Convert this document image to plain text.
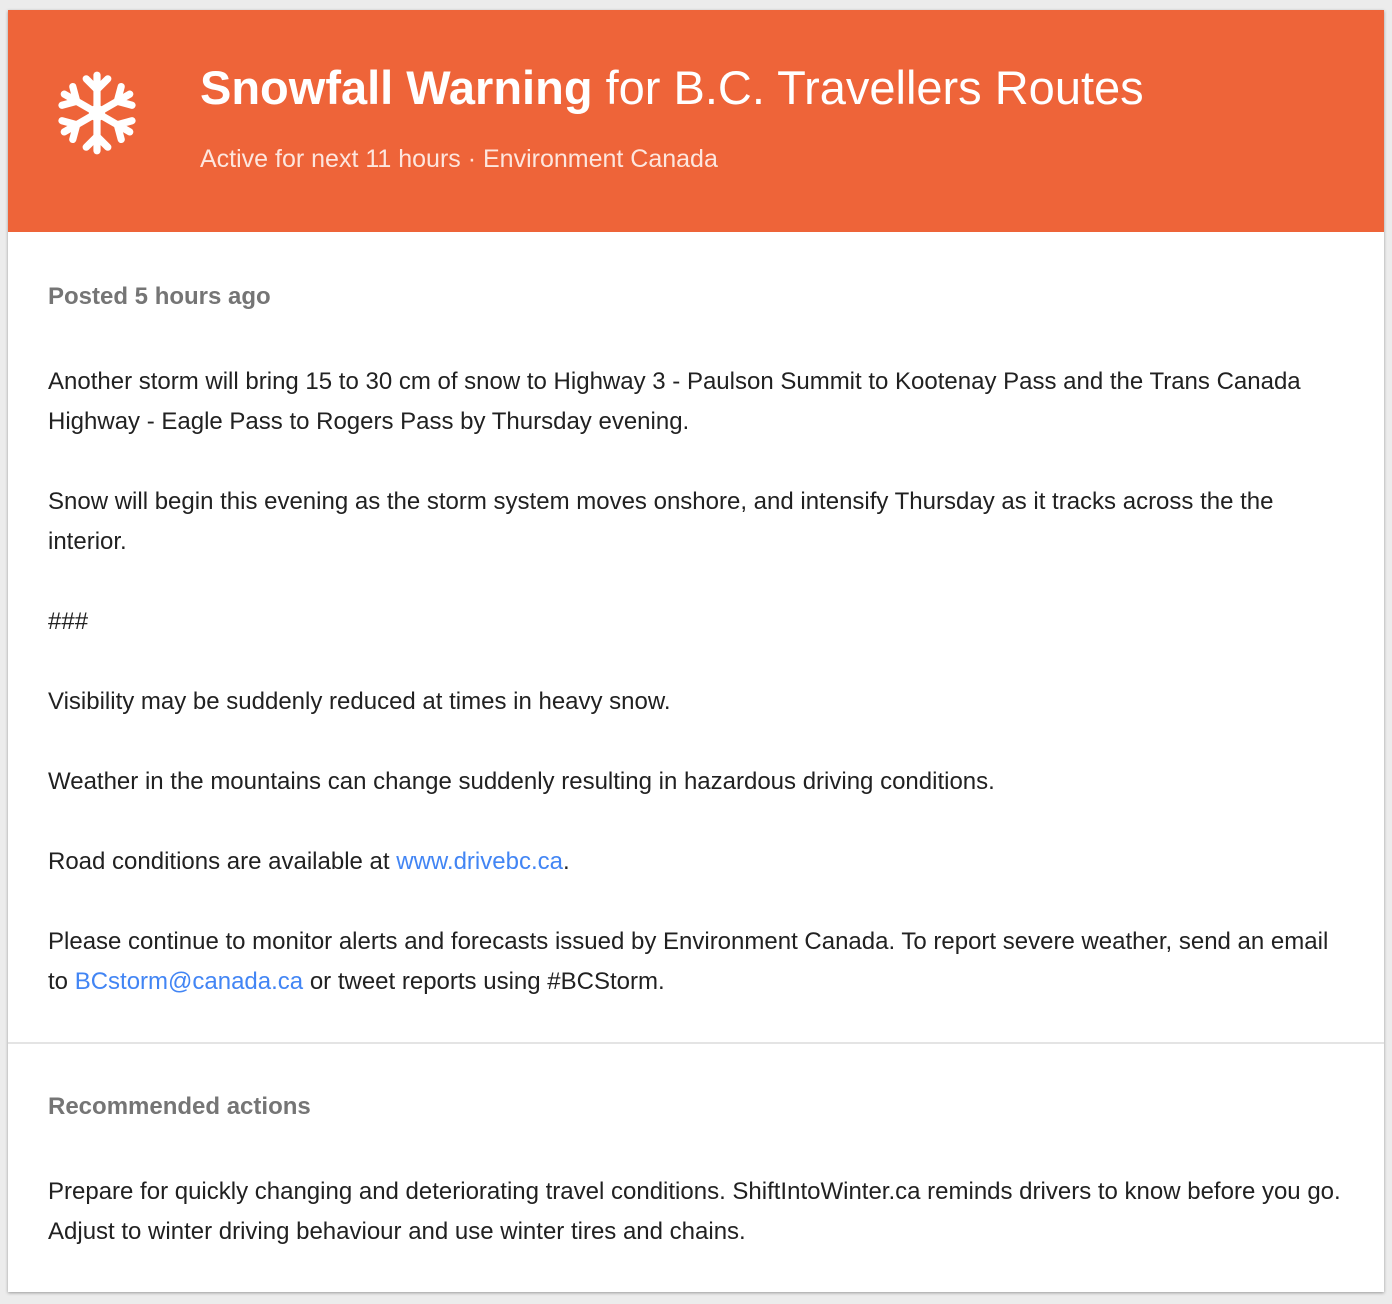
Snowfall Warning for B.C. Travellers Routes

Active for next 11 hours · Environment Canada

Posted 5 hours ago

Another storm will bring 15 to 30 cm of snow to Highway 3 - Paulson Summit to Kootenay Pass and the Trans Canada Highway - Eagle Pass to Rogers Pass by Thursday evening.

Snow will begin this evening as the storm system moves onshore, and intensify Thursday as it tracks across the the interior.

###

Visibility may be suddenly reduced at times in heavy snow.

Weather in the mountains can change suddenly resulting in hazardous driving conditions.

Road conditions are available at www.drivebc.ca.

Please continue to monitor alerts and forecasts issued by Environment Canada. To report severe weather, send an email to BCstorm@canada.ca or tweet reports using #BCStorm.

Recommended actions

Prepare for quickly changing and deteriorating travel conditions. ShiftIntoWinter.ca reminds drivers to know before you go. Adjust to winter driving behaviour and use winter tires and chains.
